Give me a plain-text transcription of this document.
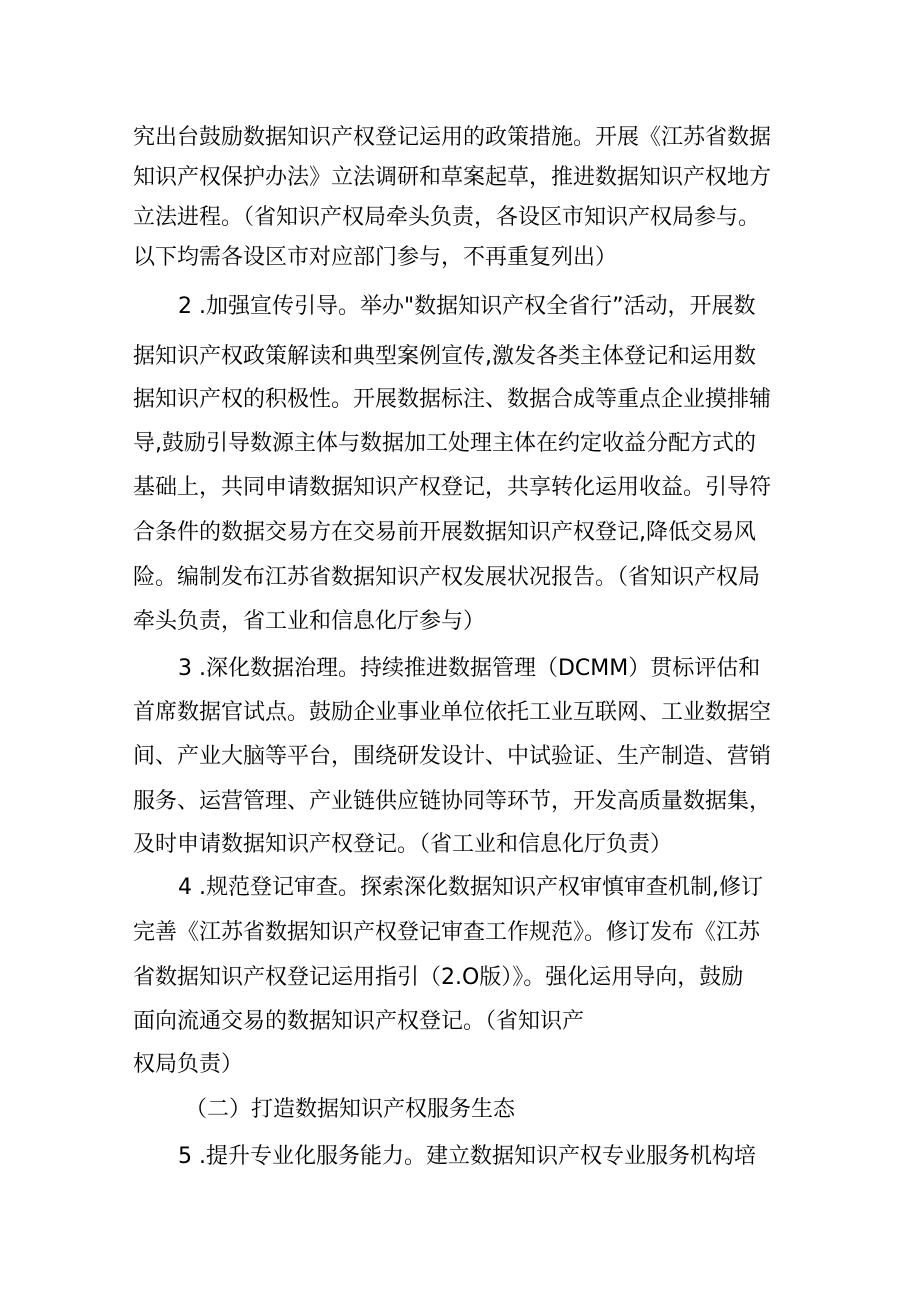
究出台鼓励数据知识产权登记运用的政策措施。开展《江苏省数据

知识产权保护办法》立法调研和草案起草，推进数据知识产权地方

立法进程。（省知识产权局牵头负责，各设区市知识产权局参与。

以下均需各设区市对应部门参与，不再重复列出）

2 .加强宣传引导。举办"数据知识产权全省行”活动，开展数

据知识产权政策解读和典型案例宣传,激发各类主体登记和运用数

据知识产权的积极性。开展数据标注、数据合成等重点企业摸排辅

导,鼓励引导数源主体与数据加工处理主体在约定收益分配方式的

基础上，共同申请数据知识产权登记，共享转化运用收益。引导符

合条件的数据交易方在交易前开展数据知识产权登记,降低交易风

险。编制发布江苏省数据知识产权发展状况报告。（省知识产权局

牵头负责，省工业和信息化厅参与）

3 .深化数据治理。持续推进数据管理（DCMM）贯标评估和

首席数据官试点。鼓励企业事业单位依托工业互联网、工业数据空

间、产业大脑等平台，围绕研发设计、中试验证、生产制造、营销

服务、运营管理、产业链供应链协同等环节，开发高质量数据集，

及时申请数据知识产权登记。（省工业和信息化厅负责）

4 .规范登记审查。探索深化数据知识产权审慎审查机制,修订

完善《江苏省数据知识产权登记审查工作规范》。修订发布《江苏

省数据知识产权登记运用指引（2.O版）》。强化运用导向，鼓励

面向流通交易的数据知识产权登记。（省知识产

权局负责）

（二）打造数据知识产权服务生态

5 .提升专业化服务能力。建立数据知识产权专业服务机构培
